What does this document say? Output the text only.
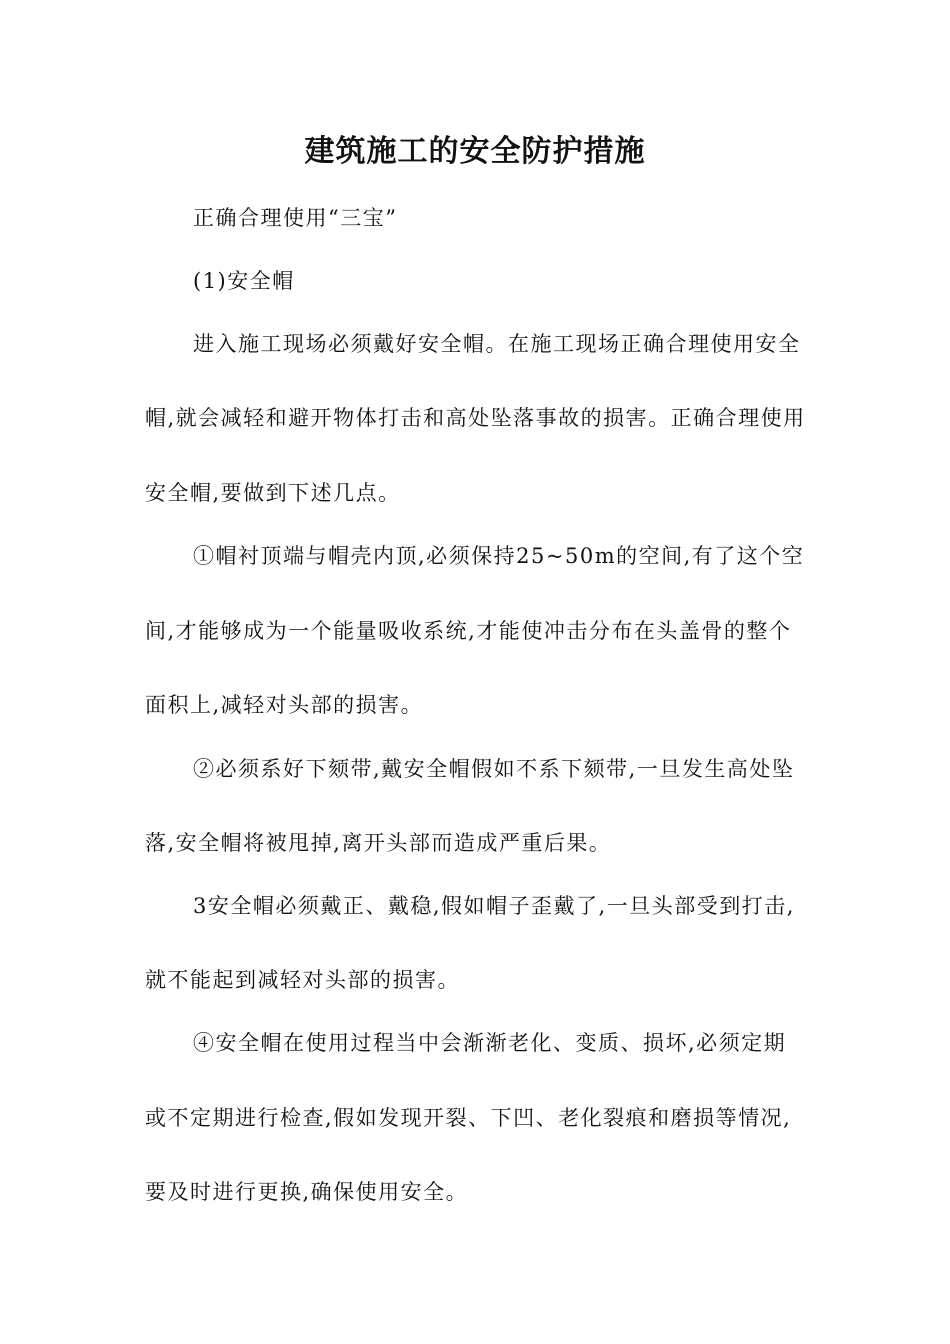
建筑施工的安全防护措施
正确合理使用“三宝”
(1)安全帽
进入施工现场必须戴好安全帽。在施工现场正确合理使用安全
帽,就会减轻和避开物体打击和高处坠落事故的损害。正确合理使用
安全帽,要做到下述几点。
①帽衬顶端与帽壳内顶,必须保持25~50m的空间,有了这个空
间,才能够成为一个能量吸收系统,才能使冲击分布在头盖骨的整个
面积上,减轻对头部的损害。
②必须系好下颏带,戴安全帽假如不系下颏带,一旦发生高处坠
落,安全帽将被甩掉,离开头部而造成严重后果。
3安全帽必须戴正、戴稳,假如帽子歪戴了,一旦头部受到打击,
就不能起到减轻对头部的损害。
④安全帽在使用过程当中会渐渐老化、变质、损坏,必须定期
或不定期进行检查,假如发现开裂、下凹、老化裂痕和磨损等情况,
要及时进行更换,确保使用安全。
